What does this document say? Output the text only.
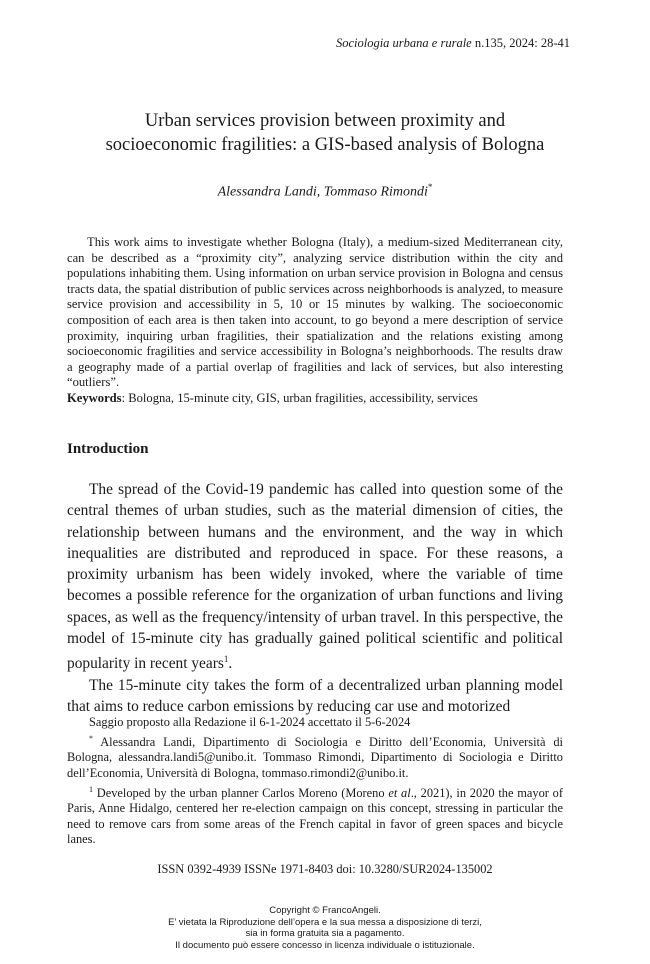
Sociologia urbana e rurale n.135, 2024: 28-41
Urban services provision between proximity and
socioeconomic fragilities: a GIS-based analysis of Bologna
Alessandra Landi, Tommaso Rimondi*
This work aims to investigate whether Bologna (Italy), a medium-sized Mediterranean city, can be described as a “proximity city”, analyzing service distribution within the city and populations inhabiting them. Using information on urban service provision in Bologna and census tracts data, the spatial distribution of public services across neighborhoods is analyzed, to measure service provision and accessibility in 5, 10 or 15 minutes by walking. The socioeconomic composition of each area is then taken into account, to go beyond a mere description of service proximity, inquiring urban fragilities, their spatialization and the relations existing among socioeconomic fragilities and service accessibility in Bologna’s neighborhoods. The results draw a geography made of a partial overlap of fragilities and lack of services, but also interesting “outliers”.
Keywords: Bologna, 15-minute city, GIS, urban fragilities, accessibility, services
Introduction

The spread of the Covid-19 pandemic has called into question some of the central themes of urban studies, such as the material dimension of cities, the relationship between humans and the environment, and the way in which inequalities are distributed and reproduced in space. For these reasons, a proximity urbanism has been widely invoked, where the variable of time becomes a possible reference for the organization of urban functions and living spaces, as well as the frequency/intensity of urban travel. In this perspective, the model of 15-minute city has gradually gained political scientific and political popularity in recent years$^1$.

The 15-minute city takes the form of a decentralized urban planning model that aims to reduce carbon emissions by reducing car use and motorized

Saggio proposto alla Redazione il 6-1-2024 accettato il 5-6-2024

* Alessandra Landi, Dipartimento di Sociologia e Diritto dell’Economia, Università di Bologna, alessandra.landi5@unibo.it. Tommaso Rimondi, Dipartimento di Sociologia e Diritto dell’Economia, Università di Bologna, tommaso.rimondi2@unibo.it.

$^1$ Developed by the urban planner Carlos Moreno (Moreno et al., 2021), in 2020 the mayor of Paris, Anne Hidalgo, centered her re-election campaign on this concept, stressing in particular the need to remove cars from some areas of the French capital in favor of green spaces and bicycle lanes.

ISSN 0392-4939 ISSNe 1971-8403 doi: 10.3280/SUR2024-135002
Copyright © FrancoAngeli.
E’ vietata la Riproduzione dell’opera e la sua messa a disposizione di terzi,
sia in forma gratuita sia a pagamento.
Il documento può essere concesso in licenza individuale o istituzionale.
